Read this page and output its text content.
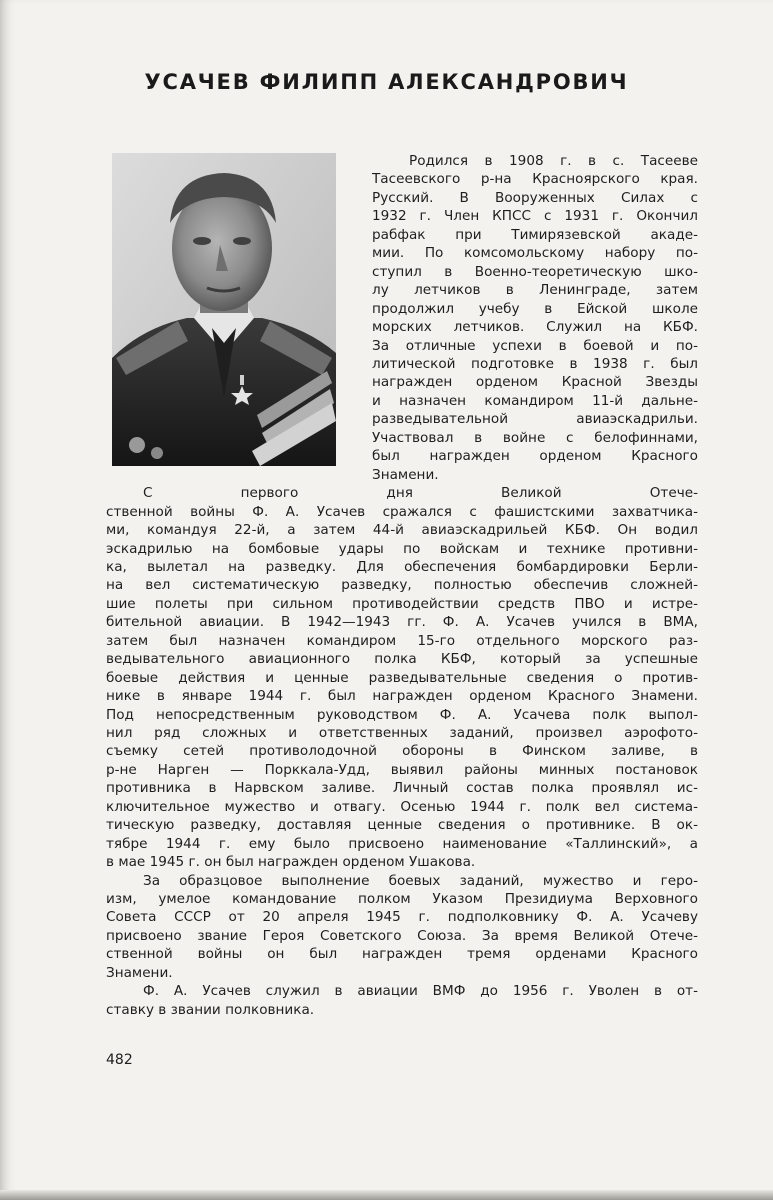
УСАЧЕВ ФИЛИПП АЛЕКСАНДРОВИЧ
Родился в 1908 г. в с. Тасееве
Тасеевского р-на Красноярского края.
Русский. В Вооруженных Силах с
1932 г. Член КПСС с 1931 г. Окончил
рабфак при Тимирязевской акаде-
мии. По комсомольскому набору по-
ступил в Военно-теоретическую шко-
лу летчиков в Ленинграде, затем
продолжил учебу в Ейской школе
морских летчиков. Служил на КБФ.
За отличные успехи в боевой и по-
литической подготовке в 1938 г. был
награжден орденом Красной Звезды
и назначен командиром 11-й дальне-
разведывательной авиаэскадрильи.
Участвовал в войне с белофиннами,
был награжден орденом Красного
Знамени.
С первого дня Великой Отече-
ственной войны Ф. А. Усачев сражался с фашистскими захватчика-
ми, командуя 22-й, а затем 44-й авиаэскадрильей КБФ. Он водил
эскадрилью на бомбовые удары по войскам и технике противни-
ка, вылетал на разведку. Для обеспечения бомбардировки Берли-
на вел систематическую разведку, полностью обеспечив сложней-
шие полеты при сильном противодействии средств ПВО и истре-
бительной авиации. В 1942—1943 гг. Ф. А. Усачев учился в ВМА,
затем был назначен командиром 15-го отдельного морского раз-
ведывательного авиационного полка КБФ, который за успешные
боевые действия и ценные разведывательные сведения о против-
нике в январе 1944 г. был награжден орденом Красного Знамени.
Под непосредственным руководством Ф. А. Усачева полк выпол-
нил ряд сложных и ответственных заданий, произвел аэрофото-
съемку сетей противолодочной обороны в Финском заливе, в
р-не Нарген — Порккала-Удд, выявил районы минных постановок
противника в Нарвском заливе. Личный состав полка проявлял ис-
ключительное мужество и отвагу. Осенью 1944 г. полк вел система-
тическую разведку, доставляя ценные сведения о противнике. В ок-
тябре 1944 г. ему было присвоено наименование «Таллинский», а
в мае 1945 г. он был награжден орденом Ушакова.
За образцовое выполнение боевых заданий, мужество и геро-
изм, умелое командование полком Указом Президиума Верховного
Совета СССР от 20 апреля 1945 г. подполковнику Ф. А. Усачеву
присвоено звание Героя Советского Союза. За время Великой Отече-
ственной войны он был награжден тремя орденами Красного
Знамени.
Ф. А. Усачев служил в авиации ВМФ до 1956 г. Уволен в от-
ставку в звании полковника.
482
